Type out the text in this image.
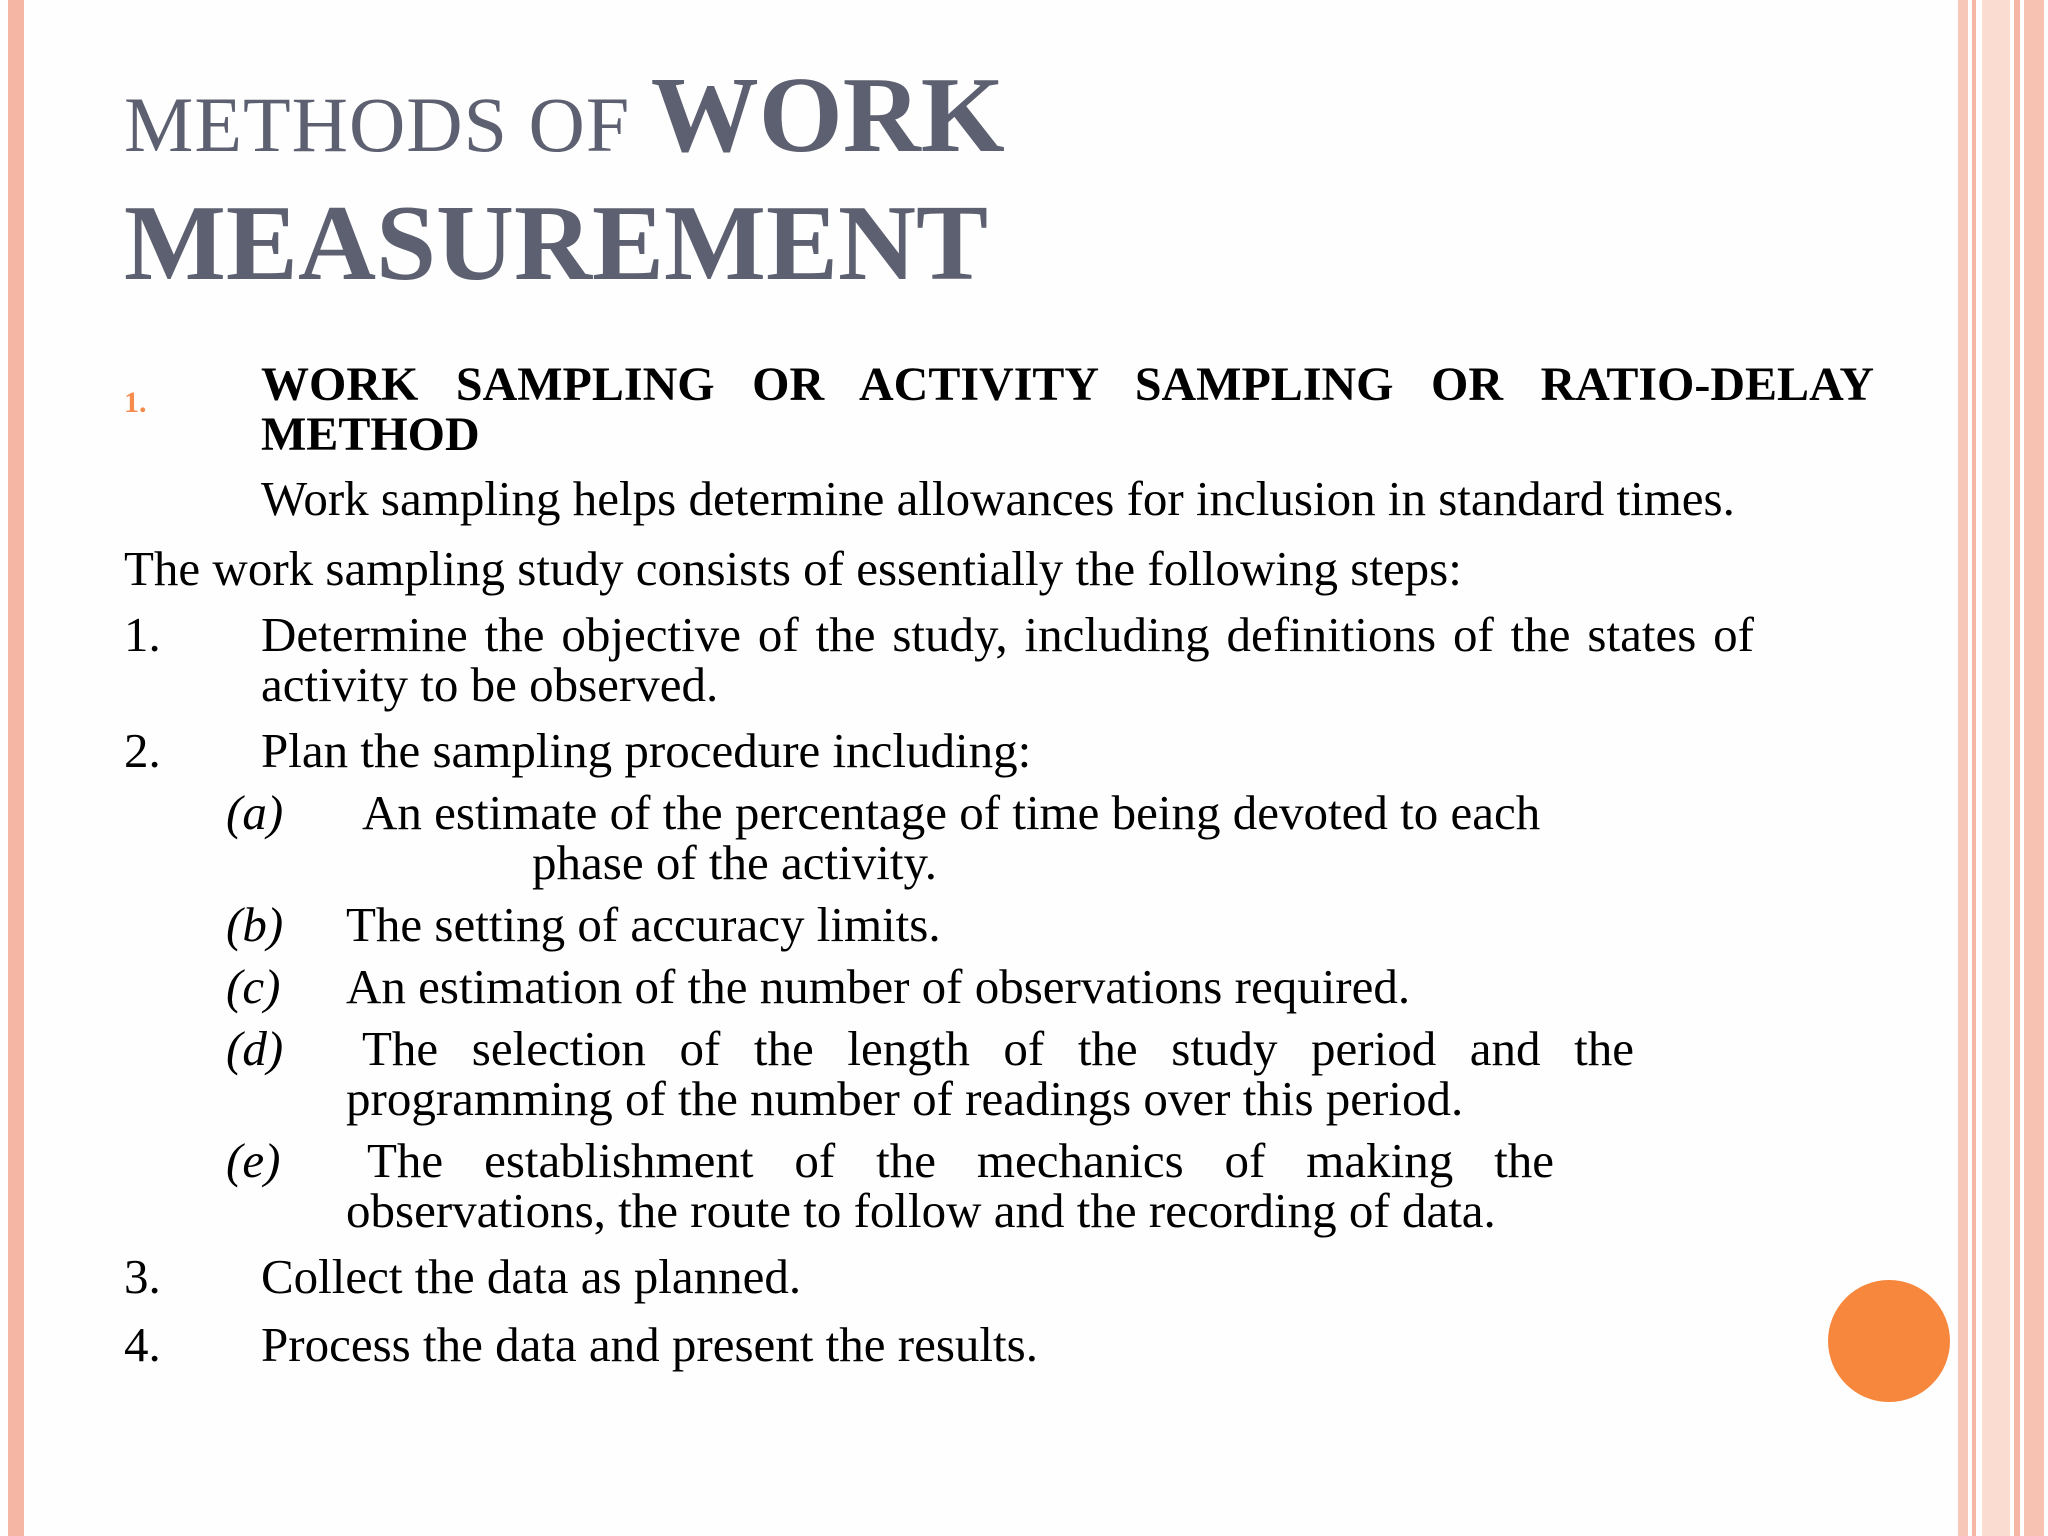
METHODS OF WORK
MEASUREMENT
1. WORK SAMPLING OR ACTIVITY SAMPLING OR RATIO-DELAY METHOD
Work sampling helps determine allowances for inclusion in standard times.
The work sampling study consists of essentially the following steps:
1. Determine the objective of the study, including definitions of the states of activity to be observed.
2. Plan the sampling procedure including:
(a) An estimate of the percentage of time being devoted to each
phase of the activity.
(b) The setting of accuracy limits.
(c) An estimation of the number of observations required.
(d) The selection of the length of the study period and the
programming of the number of readings over this period.
(e) The establishment of the mechanics of making the
observations, the route to follow and the recording of data.
3. Collect the data as planned.
4. Process the data and present the results.
